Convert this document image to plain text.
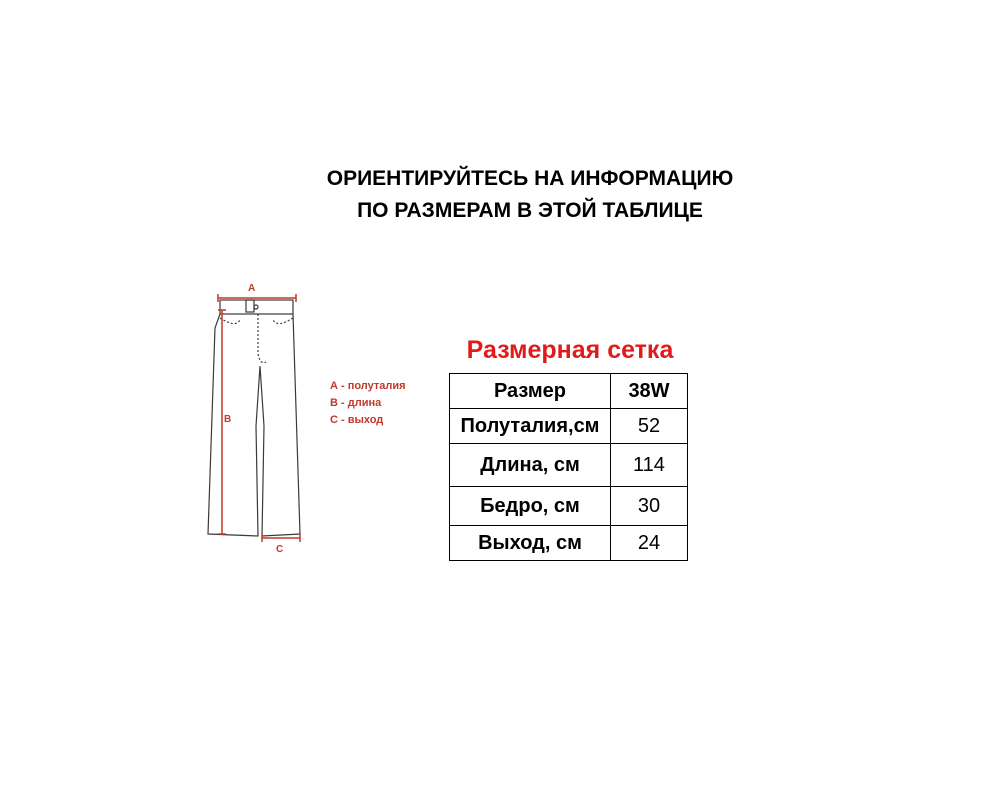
ОРИЕНТИРУЙТЕСЬ НА ИНФОРМАЦИЮ
ПО РАЗМЕРАМ В ЭТОЙ ТАБЛИЦЕ
A
B
C
А - полуталия
В - длина
С - выход
Размерная сетка
Размер	38W
Полуталия,см	52
Длина, см	114
Бедро, см	30
Выход, см	24
